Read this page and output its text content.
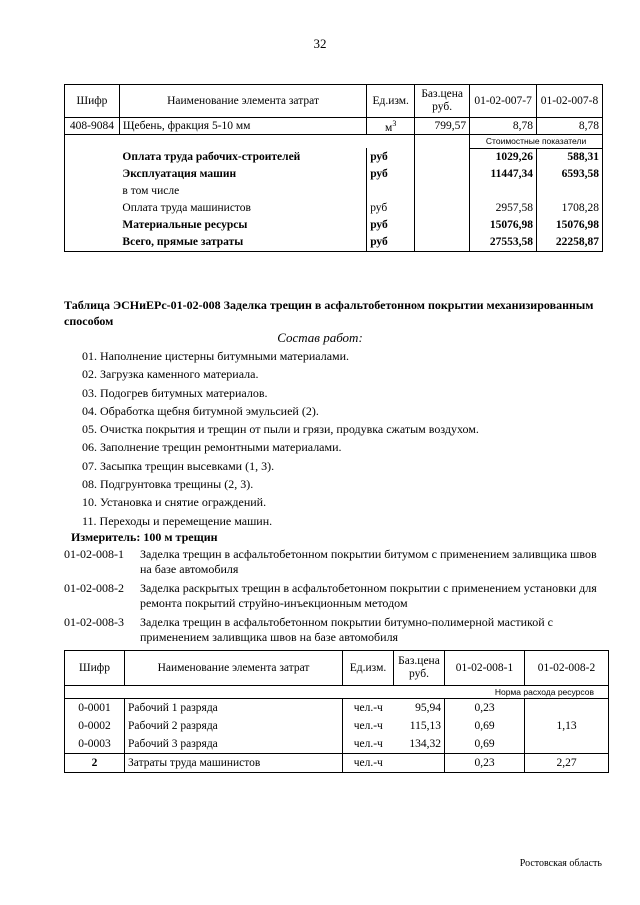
32
Шифр	Наименование элемента затрат	Ед.изм.	Баз.цена руб.	01-02-007-7	01-02-007-8
408-9084	Щебень, фракция 5-10 мм	$м^3$	799,57	8,78	8,78
				Стоимостные показатели	
	Оплата труда рабочих-строителей	руб		1029,26	588,31
	Эксплуатация машин	руб		11447,34	6593,58
	в том числе				
	Оплата труда машинистов	руб		2957,58	1708,28
	Материальные ресурсы	руб		15076,98	15076,98
	Всего, прямые затраты	руб		27553,58	22258,87
Таблица ЭСНиЕРс-01-02-008 Заделка трещин в асфальтобетонном покрытии механизированным способом
Состав работ:
01. Наполнение цистерны битумными материалами.
02. Загрузка каменного материала.
03. Подогрев битумных материалов.
04. Обработка щебня битумной эмульсией (2).
05. Очистка покрытия и трещин от пыли и грязи, продувка сжатым воздухом.
06. Заполнение трещин ремонтными материалами.
07. Засыпка трещин высевками (1, 3).
08. Подгрунтовка трещины (2, 3).
10. Установка и снятие ограждений.
11. Переходы и перемещение машин.
Измеритель: 100 м трещин
01-02-008-1	Заделка трещин в асфальтобетонном покрытии битумом с применением заливщика швов на базе автомобиля
01-02-008-2	Заделка раскрытых трещин в асфальтобетонном покрытии с применением установки для ремонта покрытий струйно-инъекционным методом
01-02-008-3	Заделка трещин в асфальтобетонном покрытии битумно-полимерной мастикой с применением заливщика швов на базе автомобиля
Шифр	Наименование элемента затрат	Ед.изм.	Баз.цена руб.	01-02-008-1	01-02-008-2
Норма расхода ресурсов					
0-0001	Рабочий 1 разряда	чел.-ч	95,94	0,23	
0-0002	Рабочий 2 разряда	чел.-ч	115,13	0,69	1,13
0-0003	Рабочий 3 разряда	чел.-ч	134,32	0,69	
2	Затраты труда машинистов	чел.-ч		0,23	2,27
Ростовская область
